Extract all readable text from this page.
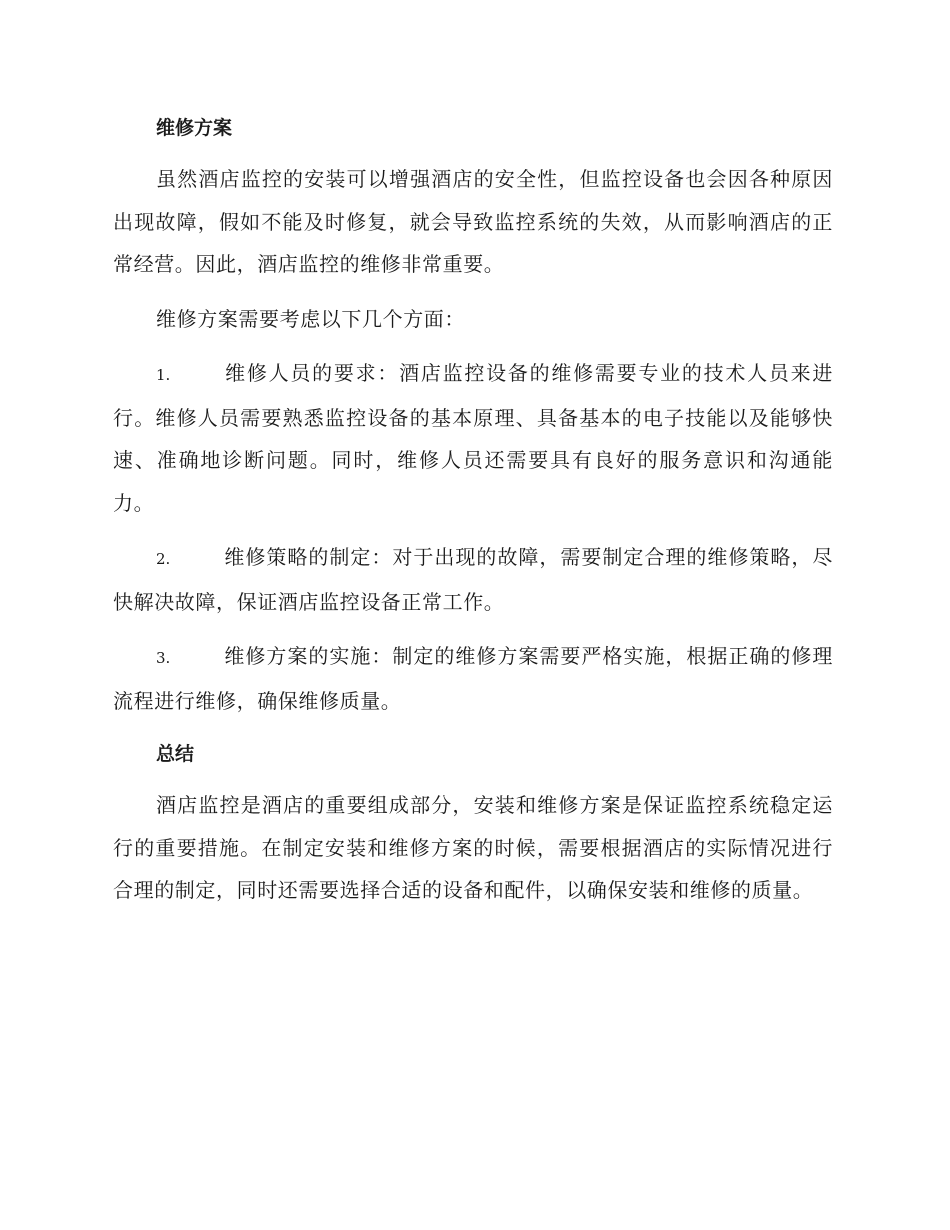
维修方案

虽然酒店监控的安装可以增强酒店的安全性，但监控设备也会因各种原因出现故障，假如不能及时修复，就会导致监控系统的失效，从而影响酒店的正常经营。因此，酒店监控的维修非常重要。

维修方案需要考虑以下几个方面：

1.	维修人员的要求：酒店监控设备的维修需要专业的技术人员来进行。维修人员需要熟悉监控设备的基本原理、具备基本的电子技能以及能够快速、准确地诊断问题。同时，维修人员还需要具有良好的服务意识和沟通能力。

2.	维修策略的制定：对于出现的故障，需要制定合理的维修策略，尽快解决故障，保证酒店监控设备正常工作。

3.	维修方案的实施：制定的维修方案需要严格实施，根据正确的修理流程进行维修，确保维修质量。

总结

酒店监控是酒店的重要组成部分，安装和维修方案是保证监控系统稳定运行的重要措施。在制定安装和维修方案的时候，需要根据酒店的实际情况进行合理的制定，同时还需要选择合适的设备和配件，以确保安装和维修的质量。
